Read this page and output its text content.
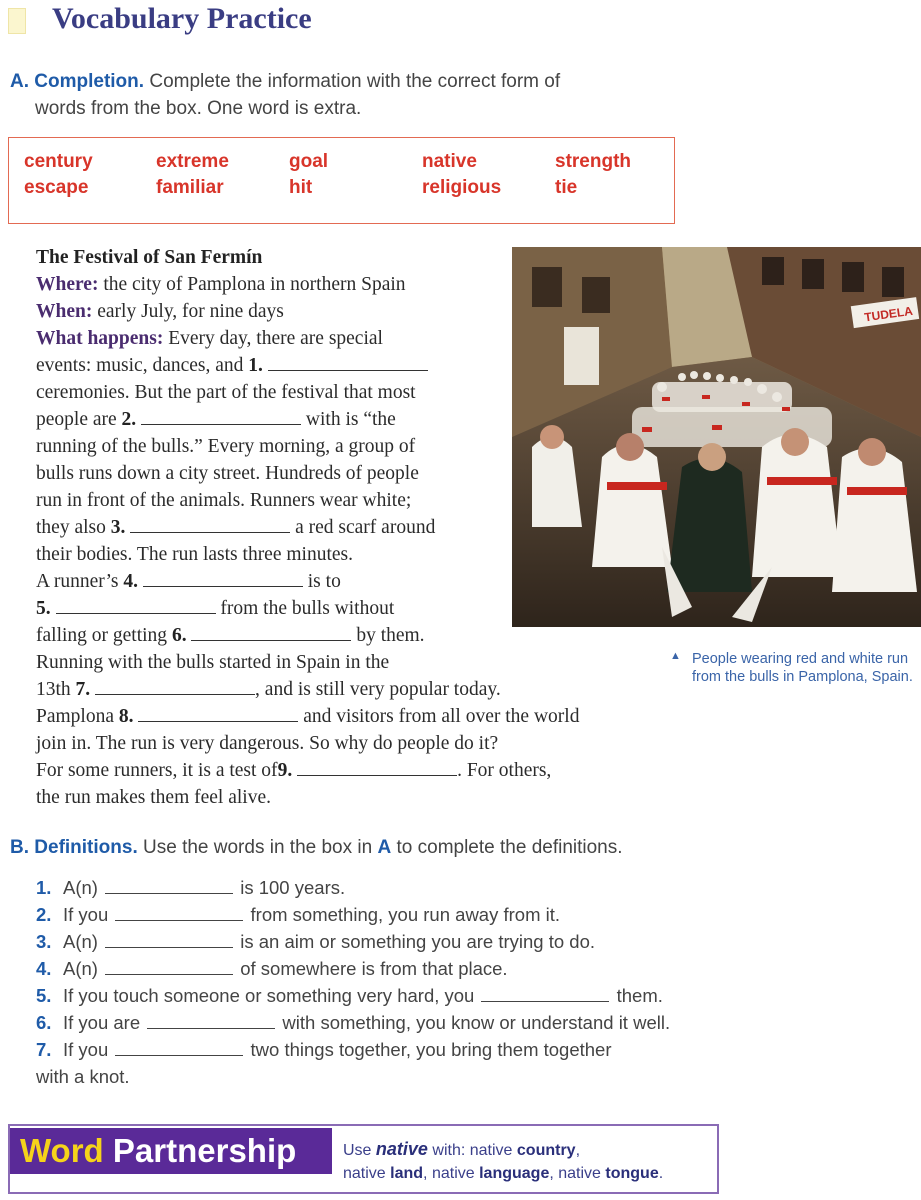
Vocabulary Practice
A. Completion. Complete the information with the correct form of
words from the box. One word is extra.
century	extreme	goal	native	strength
escape	familiar	hit	religious	tie
The Festival of San Fermín
Where: the city of Pamplona in northern Spain
When: early July, for nine days
What happens: Every day, there are special
events: music, dances, and 1.
ceremonies. But the part of the festival that most
people are 2.	with is “the
running of the bulls.” Every morning, a group of
bulls runs down a city street. Hundreds of people
run in front of the animals. Runners wear white;
they also 3.	a red scarf around
their bodies. The run lasts three minutes.
A runner’s 4.	is to
5.	from the bulls without
falling or getting 6.	by them.
Running with the bulls started in Spain in the
13th 7.	, and is still very popular today.
Pamplona 8.	and visitors from all over the world
join in. The run is very dangerous. So why do people do it?
For some runners, it is a test of9.	. For others,
the run makes them feel alive.
TUDELA
▲ People wearing red and white run from the bulls in Pamplona, Spain.
B. Definitions. Use the words in the box in A to complete the definitions.
1. A(n)	is 100 years.
2. If you	from something, you run away from it.
3. A(n)	is an aim or something you are trying to do.
4. A(n)	of somewhere is from that place.
5. If you touch someone or something very hard, you	them.
6. If you are	with something, you know or understand it well.
7. If you	two things together, you bring them together
with a knot.
Word Partnership	Use native with: native country,
native land, native language, native tongue.
